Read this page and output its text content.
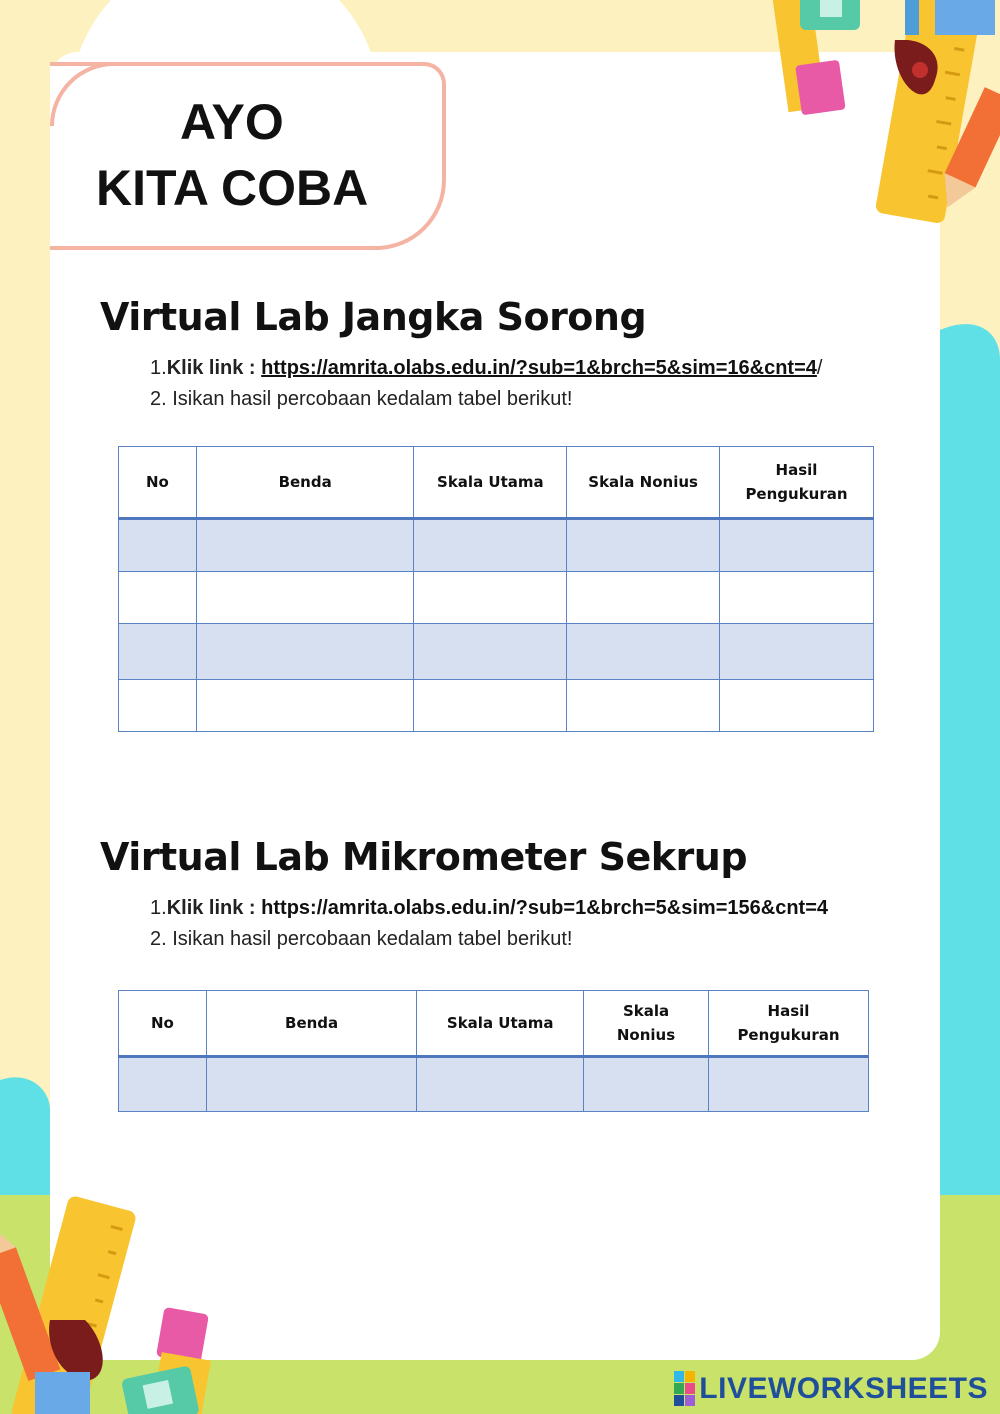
AYO
KITA COBA
Virtual Lab Jangka Sorong
1.Klik link : https://amrita.olabs.edu.in/?sub=1&brch=5&sim=16&cnt=4/
2. Isikan hasil percobaan kedalam tabel berikut!
No	Benda	Skala Utama	Skala Nonius	Hasil Pengukuran

Virtual Lab Mikrometer Sekrup
1.Klik link : https://amrita.olabs.edu.in/?sub=1&brch=5&sim=156&cnt=4
2. Isikan hasil percobaan kedalam tabel berikut!
No	Benda	Skala Utama	Skala Nonius	Hasil Pengukuran

LIVEWORKSHEETS
